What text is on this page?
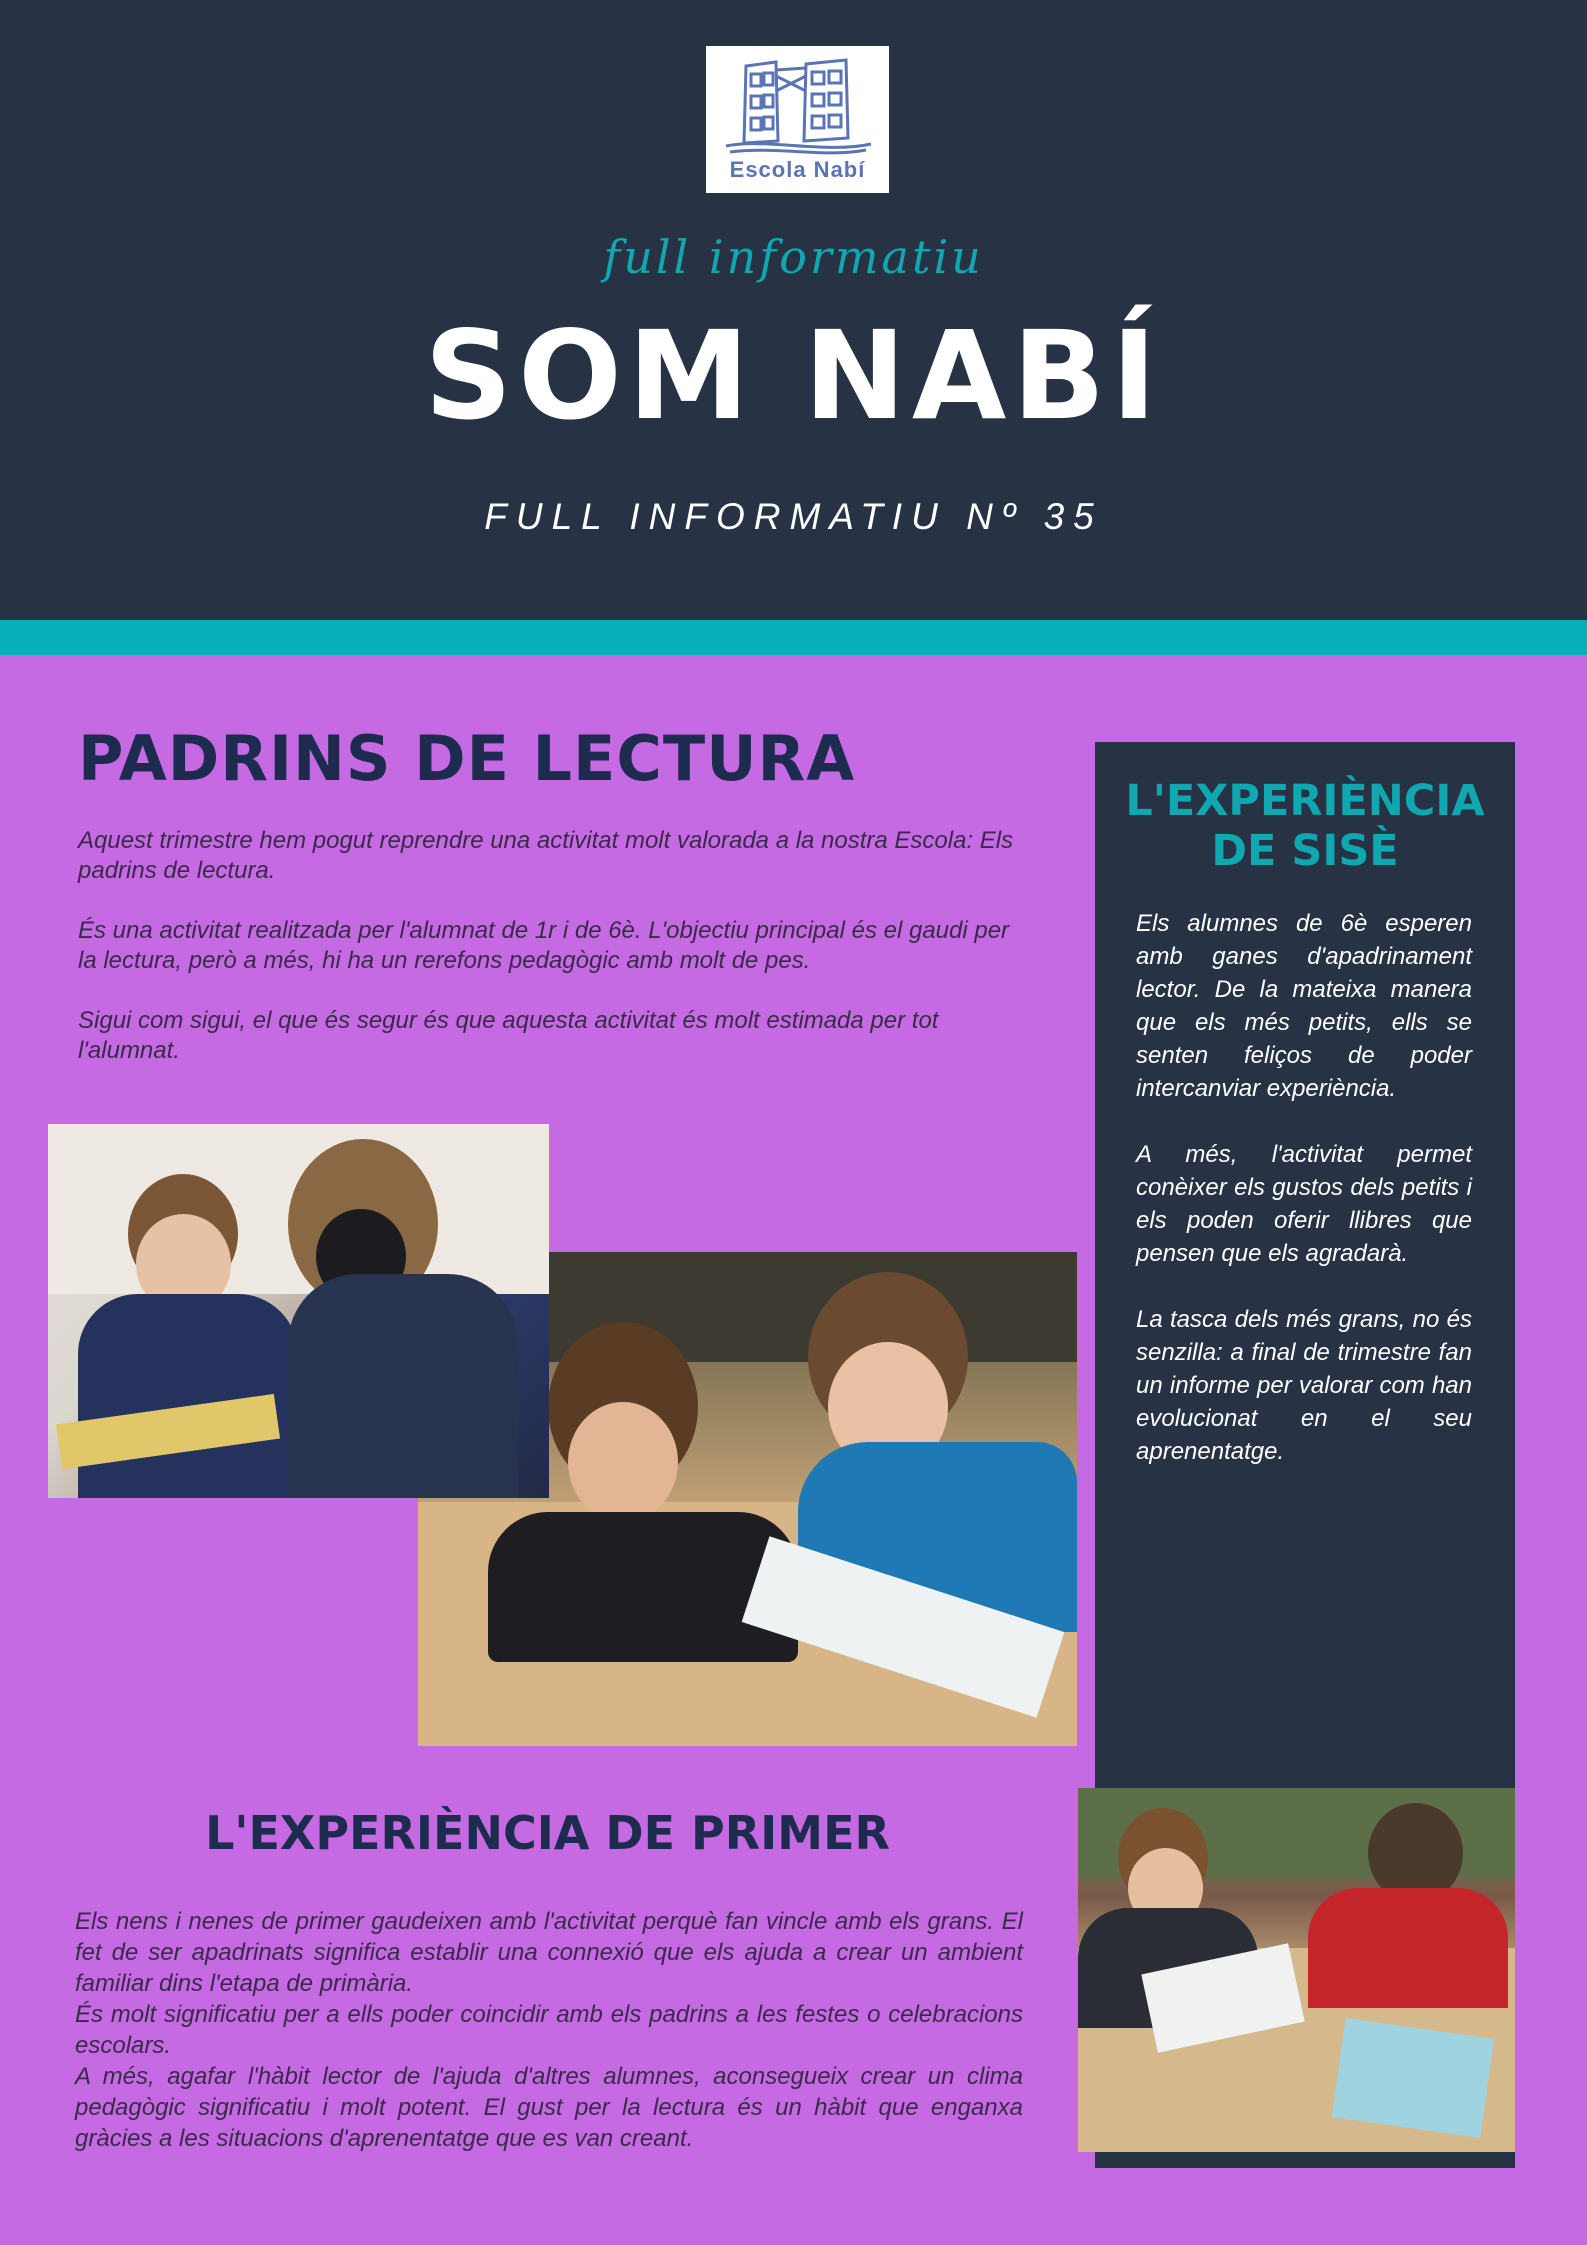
Escola Nabí
full informatiu
SOM NABÍ
FULL INFORMATIU Nº 35
PADRINS DE LECTURA

Aquest trimestre hem pogut reprendre una activitat molt valorada a la nostra Escola: Els padrins de lectura.

És una activitat realitzada per l'alumnat de 1r i de 6è. L'objectiu principal és el gaudi per la lectura, però a més, hi ha un rerefons pedagògic amb molt de pes.

Sigui com sigui, el que és segur és que aquesta activitat és molt estimada per tot l'alumnat.

L'EXPERIÈNCIA
DE SISÈ

Els alumnes de 6è esperen amb ganes d'apadrinament lector. De la mateixa manera que els més petits, ells se senten feliços de poder intercanviar experiència.

A més, l'activitat permet conèixer els gustos dels petits i els poden oferir llibres que pensen que els agradarà.

La tasca dels més grans, no és senzilla: a final de trimestre fan un informe per valorar com han evolucionat en el seu aprenentatge.

L'EXPERIÈNCIA DE PRIMER

Els nens i nenes de primer gaudeixen amb l'activitat perquè fan vincle amb els grans. El fet de ser apadrinats significa establir una connexió que els ajuda a crear un ambient familiar dins l'etapa de primària.

És molt significatiu per a ells poder coincidir amb els padrins a les festes o celebracions escolars.

A més, agafar l'hàbit lector de l'ajuda d'altres alumnes, aconsegueix crear un clima pedagògic significatiu i molt potent. El gust per la lectura és un hàbit que enganxa gràcies a les situacions d'aprenentatge que es van creant.
